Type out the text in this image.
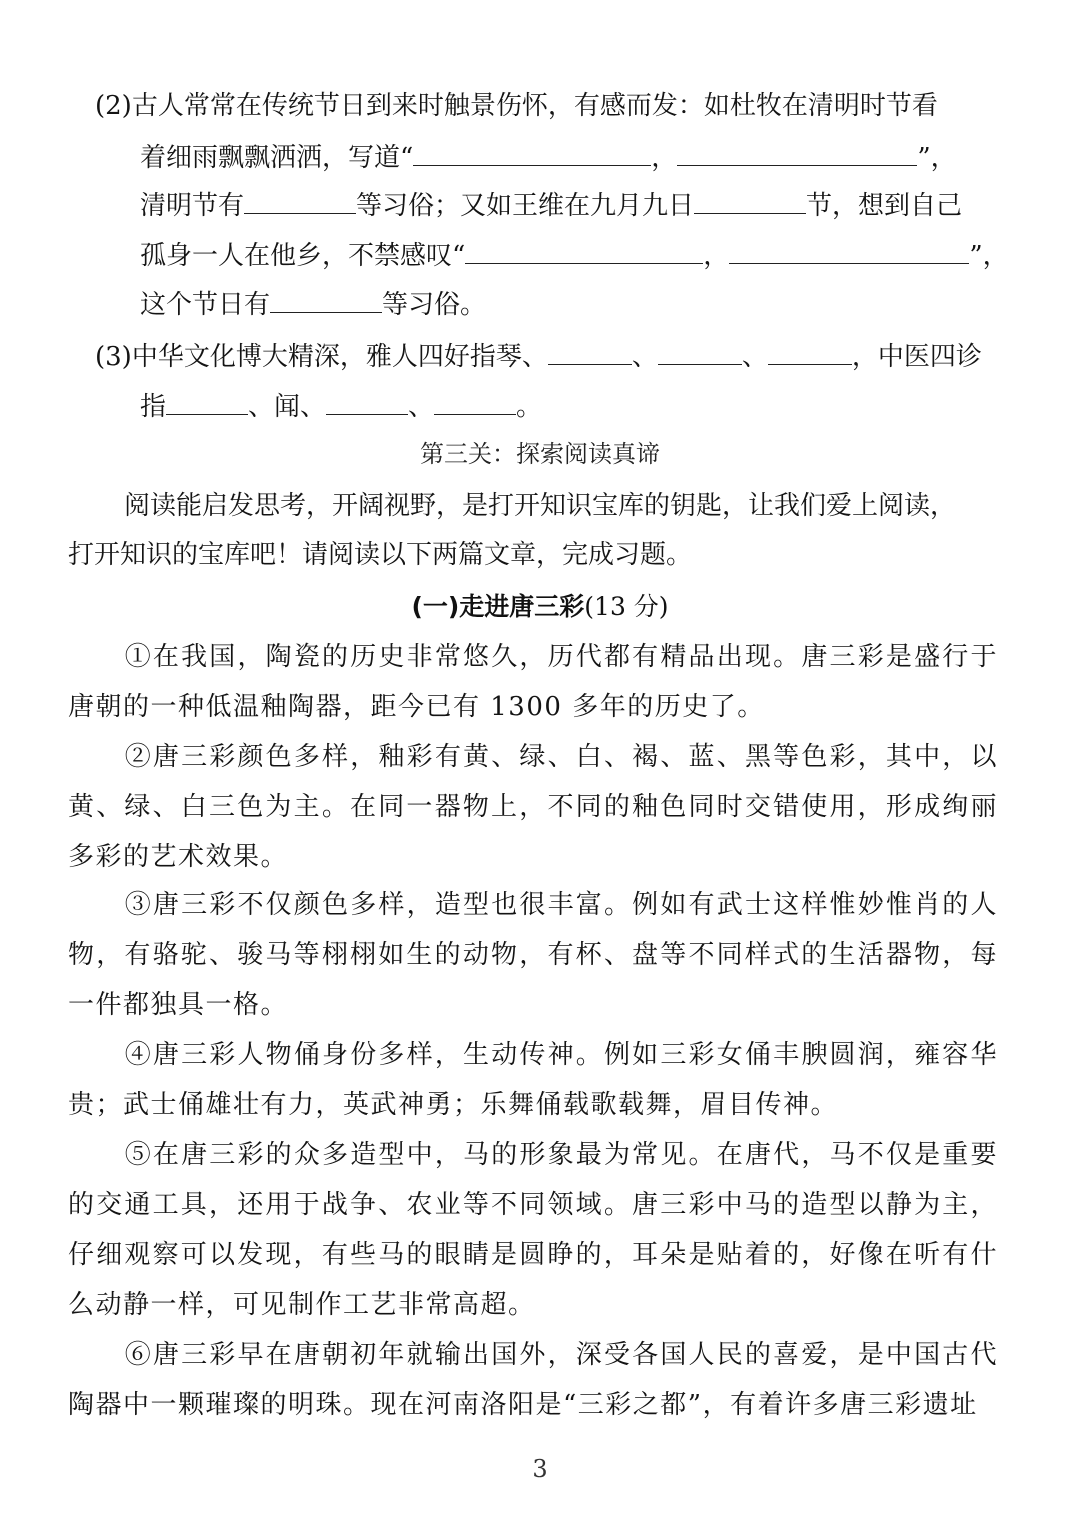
(2)古人常常在传统节日到来时触景伤怀，有感而发：如杜牧在清明时节看
着细雨飘飘洒洒，写道“	，	”，
清明节有	等习俗；又如王维在九月九日	节，想到自己
孤身一人在他乡，不禁感叹“	，	”，
这个节日有	等习俗。
(3)中华文化博大精深，雅人四好指琴、	、	、	，中医四诊
指	、闻、	、	。
第三关：探索阅读真谛
阅读能启发思考，开阔视野，是打开知识宝库的钥匙，让我们爱上阅读，
打开知识的宝库吧！请阅读以下两篇文章，完成习题。
(一)走进唐三彩(13 分)
①在我国，陶瓷的历史非常悠久，历代都有精品出现。唐三彩是盛行于唐朝的一种低温釉陶器，距今已有 1300 多年的历史了。
②唐三彩颜色多样，釉彩有黄、绿、白、褐、蓝、黑等色彩，其中，以黄、绿、白三色为主。在同一器物上，不同的釉色同时交错使用，形成绚丽多彩的艺术效果。
③唐三彩不仅颜色多样，造型也很丰富。例如有武士这样惟妙惟肖的人物，有骆驼、骏马等栩栩如生的动物，有杯、盘等不同样式的生活器物，每一件都独具一格。
④唐三彩人物俑身份多样，生动传神。例如三彩女俑丰腴圆润，雍容华贵；武士俑雄壮有力，英武神勇；乐舞俑载歌载舞，眉目传神。
⑤在唐三彩的众多造型中，马的形象最为常见。在唐代，马不仅是重要的交通工具，还用于战争、农业等不同领域。唐三彩中马的造型以静为主，仔细观察可以发现，有些马的眼睛是圆睁的，耳朵是贴着的，好像在听有什么动静一样，可见制作工艺非常高超。
⑥唐三彩早在唐朝初年就输出国外，深受各国人民的喜爱，是中国古代陶器中一颗璀璨的明珠。现在河南洛阳是“三彩之都”，有着许多唐三彩遗址
3
